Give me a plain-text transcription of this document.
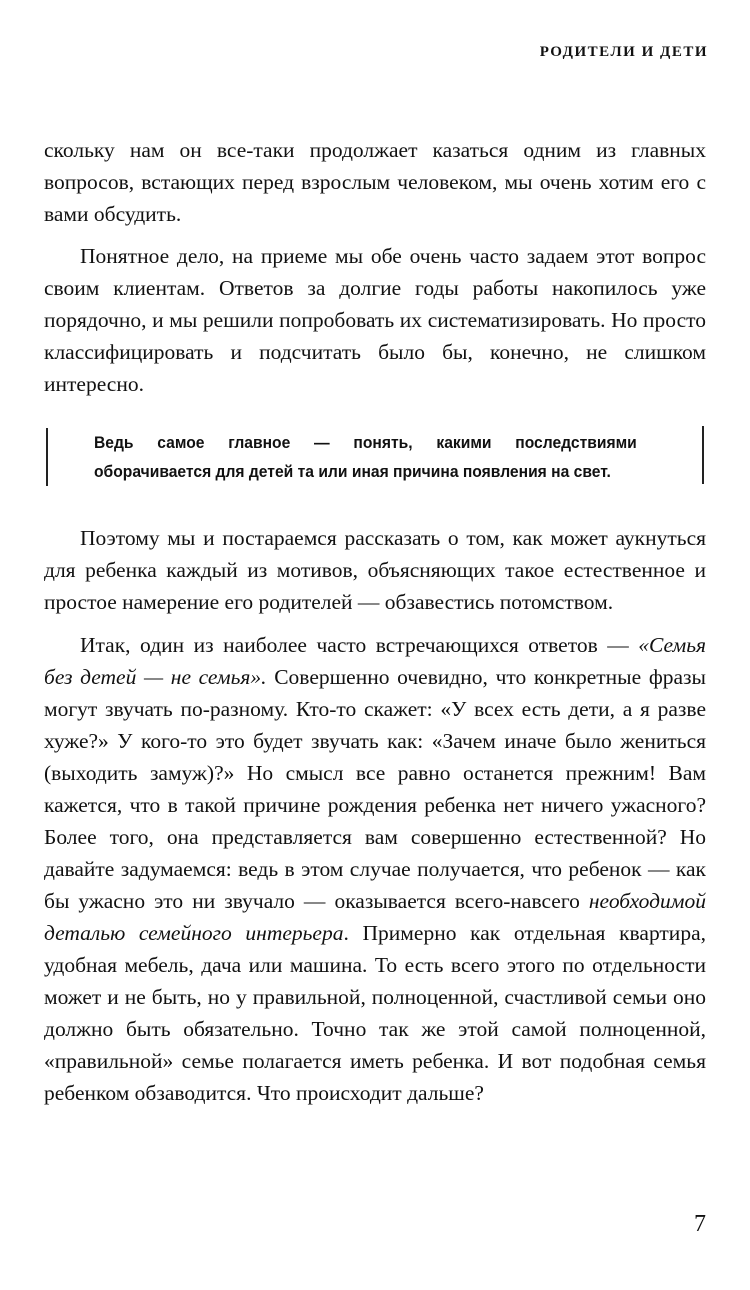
РОДИТЕЛИ И ДЕТИ

скольку нам он все-таки продолжает казаться одним из главных вопросов, встающих перед взрослым человеком, мы очень хотим его с вами обсудить.

Понятное дело, на приеме мы обе очень часто задаем этот вопрос своим клиентам. Ответов за долгие годы работы накопилось уже порядочно, и мы решили попробовать их систематизировать. Но просто классифицировать и подсчитать было бы, конечно, не слишком интересно.

Ведь самое главное — понять, какими последствиями оборачивается для детей та или иная причина появления на свет.

Поэтому мы и постараемся рассказать о том, как может аукнуться для ребенка каждый из мотивов, объясняющих такое естественное и простое намерение его родителей — обзавестись потомством.

Итак, один из наиболее часто встречающихся ответов — «Семья без детей — не семья». Совершенно очевидно, что конкретные фразы могут звучать по-разному. Кто-то скажет: «У всех есть дети, а я разве хуже?» У кого-то это будет звучать как: «Зачем иначе было жениться (выходить замуж)?» Но смысл все равно останется прежним! Вам кажется, что в такой причине рождения ребенка нет ничего ужасного? Более того, она представляется вам совершенно естественной? Но давайте задумаемся: ведь в этом случае получается, что ребенок — как бы ужасно это ни звучало — оказывается всего-навсего необходимой деталью семейного интерьера. Примерно как отдельная квартира, удобная мебель, дача или машина. То есть всего этого по отдельности может и не быть, но у правильной, полноценной, счастливой семьи оно должно быть обязательно. Точно так же этой самой полноценной, «правильной» семье полагается иметь ребенка. И вот подобная семья ребенком обзаводится. Что происходит дальше?

7
